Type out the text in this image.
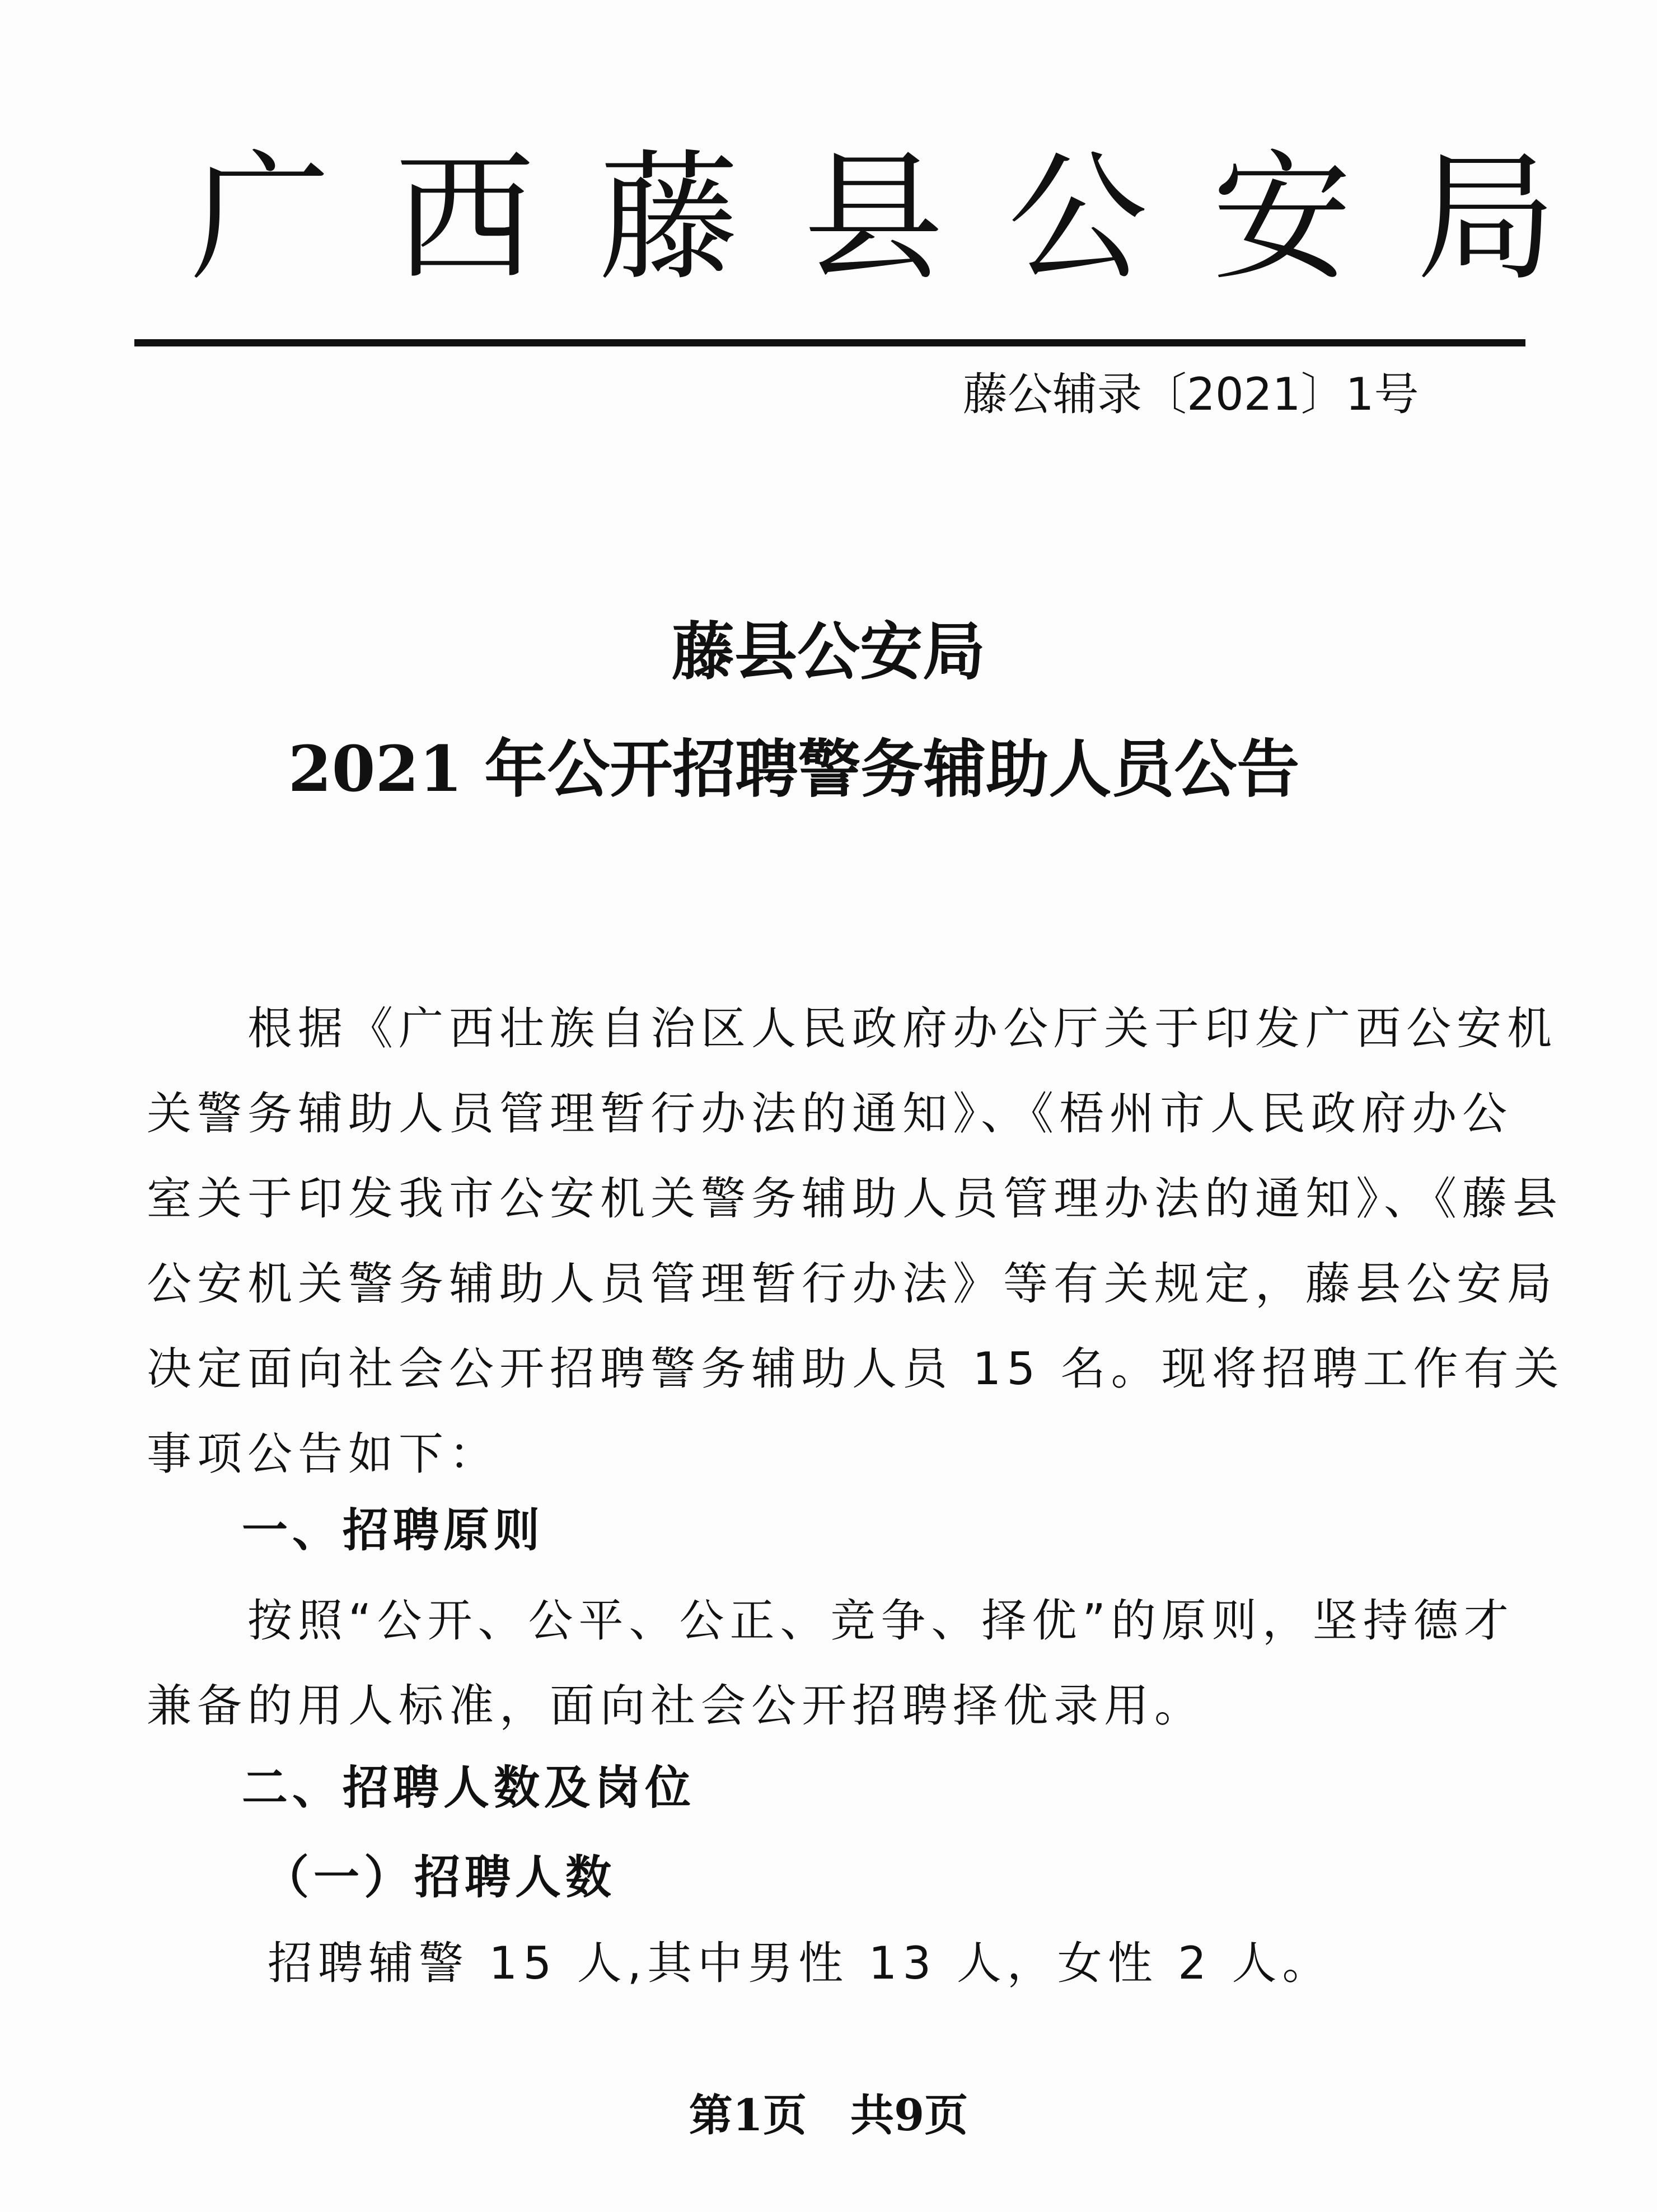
广西藤县公安局
藤公辅录〔2021〕1号
藤县公安局
2021 年公开招聘警务辅助人员公告
　　根据《广西壮族自治区人民政府办公厅关于印发广西公安机
关警务辅助人员管理暂行办法的通知》、《梧州市人民政府办公
室关于印发我市公安机关警务辅助人员管理办法的通知》、《藤县
公安机关警务辅助人员管理暂行办法》等有关规定，藤县公安局
决定面向社会公开招聘警务辅助人员 15 名。现将招聘工作有关
事项公告如下：
一、招聘原则
　　按照“公开、公平、公正、竞争、择优”的原则，坚持德才
兼备的用人标准，面向社会公开招聘择优录用。
二、招聘人数及岗位
（一）招聘人数
招聘辅警 15 人,其中男性 13 人，女性 2 人。
第1页　共9页
